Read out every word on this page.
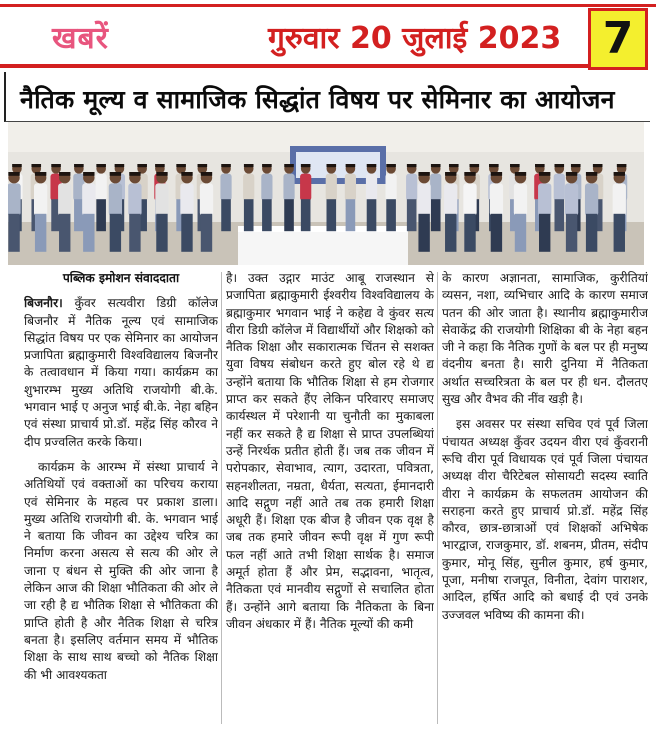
खबरें	गुरुवार 20 जुलाई 2023 7
नैतिक मूल्य व सामाजिक सिद्धांत विषय पर सेमिनार का आयोजन

पब्लिक इमोशन संवाददाता

बिजनौर। कुँवर सत्यवीरा डिग्री कॉलेज बिजनौर में नैतिक नूल्य एवं सामाजिक सिद्धांत विषय पर एक सेमिनार का आयोजन प्रजापिता ब्रह्माकुमारी विश्वविद्यालय बिजनौर के तत्वावधान में किया गया। कार्यक्रम का शुभारम्भ मुख्य अतिथि राजयोगी बी.के. भगवान भाई ए अनुज भाई बी.के. नेहा बहिन एवं संस्था प्राचार्य प्रो.डॉ. महेंद्र सिंह कौरव ने दीप प्रज्वलित करके किया।

कार्यक्रम के आरम्भ में संस्था प्राचार्य ने अतिथियों एवं वक्ताओं का परिचय कराया एवं सेमिनार के महत्व पर प्रकाश डाला। मुख्य अतिथि राजयोगी बी. के. भगवान भाई ने बताया कि जीवन का उद्देश्य चरित्र का निर्माण करना असत्य से सत्य की ओर ले जाना ए बंधन से मुक्ति की ओर जाना है लेकिन आज की शिक्षा भौतिकता की ओर ले जा रही है द्य भौतिक शिक्षा से भौतिकता की प्राप्ति होती है और नैतिक शिक्षा से चरित्र बनता है। इसलिए वर्तमान समय में भौतिक शिक्षा के साथ साथ बच्चो को नैतिक शिक्षा की भी आवश्यकता

है। उक्त उद्गार माउंट आबू राजस्थान से प्रजापिता ब्रह्माकुमारी ईश्वरीय विश्वविद्यालय के ब्रह्माकुमार भगवान भाई ने कहेद्य वे कुंवर सत्य वीरा डिग्री कॉलेज में विद्यार्थीयों और शिक्षको को नैतिक शिक्षा और सकारात्मक चिंतन से सशक्त युवा विषय संबोधन करते हुए बोल रहे थे द्य उन्होंने बताया कि भौतिक शिक्षा से हम रोजगार प्राप्त कर सकते हैंए लेकिन परिवारए समाजए कार्यस्थल में परेशानी या चुनौती का मुकाबला नहीं कर सकते है द्य शिक्षा से प्राप्त उपलब्धियां उन्हें निरर्थक प्रतीत होती हैं। जब तक जीवन में परोपकार, सेवाभाव, त्याग, उदारता, पवित्रता, सहनशीलता, नम्रता, धैर्यता, सत्यता, ईमानदारी आदि सद्गुण नहीं आते तब तक हमारी शिक्षा अधूरी हैं। शिक्षा एक बीज है जीवन एक वृक्ष है जब तक हमारे जीवन रूपी वृक्ष में गुण रूपी फल नहीं आते तभी शिक्षा सार्थक है। समाज अमूर्त होता हैं और प्रेम, सद्भावना, भातृत्व, नैतिकता एवं मानवीय सद्गुणों से सचालित होता हैं। उन्होंने आगे बताया कि नैतिकता के बिना जीवन अंधकार में हैं। नैतिक मूल्यों की कमी

के कारण अज्ञानता, सामाजिक, कुरीतियां व्यसन, नशा, व्यभिचार आदि के कारण समाज पतन की ओर जाता है। स्थानीय ब्रह्माकुमारीज सेवाकेंद्र की राजयोगी शिक्षिका बी के नेहा बहन जी ने कहा कि नैतिक गुणों के बल पर ही मनुष्य वंदनीय बनता है। सारी दुनिया में नैतिकता अर्थात सच्चरित्रता के बल पर ही धन. दौलतए सुख और वैभव की नींव खड़ी है।

इस अवसर पर संस्था सचिव एवं पूर्व जिला पंचायत अध्यक्ष कुँवर उदयन वीरा एवं कुँवरानी रूचि वीरा पूर्व विधायक एवं पूर्व जिला पंचायत अध्यक्ष वीरा चैरिटेबल सोसायटी सदस्य स्वाति वीरा ने कार्यक्रम के सफलतम आयोजन की सराहना करते हुए प्राचार्य प्रो.डॉ. महेंद्र सिंह कौरव, छात्र-छात्राओं एवं शिक्षकों अभिषेक भारद्वाज, राजकुमार, डॉ. शबनम, प्रीतम, संदीप कुमार, मोनू सिंह, सुनील कुमार, हर्ष कुमार, पूजा, मनीषा राजपूत, विनीता, देवांग पाराशर, आदिल, हर्षित आदि को बधाई दी एवं उनके उज्जवल भविष्य की कामना की।
